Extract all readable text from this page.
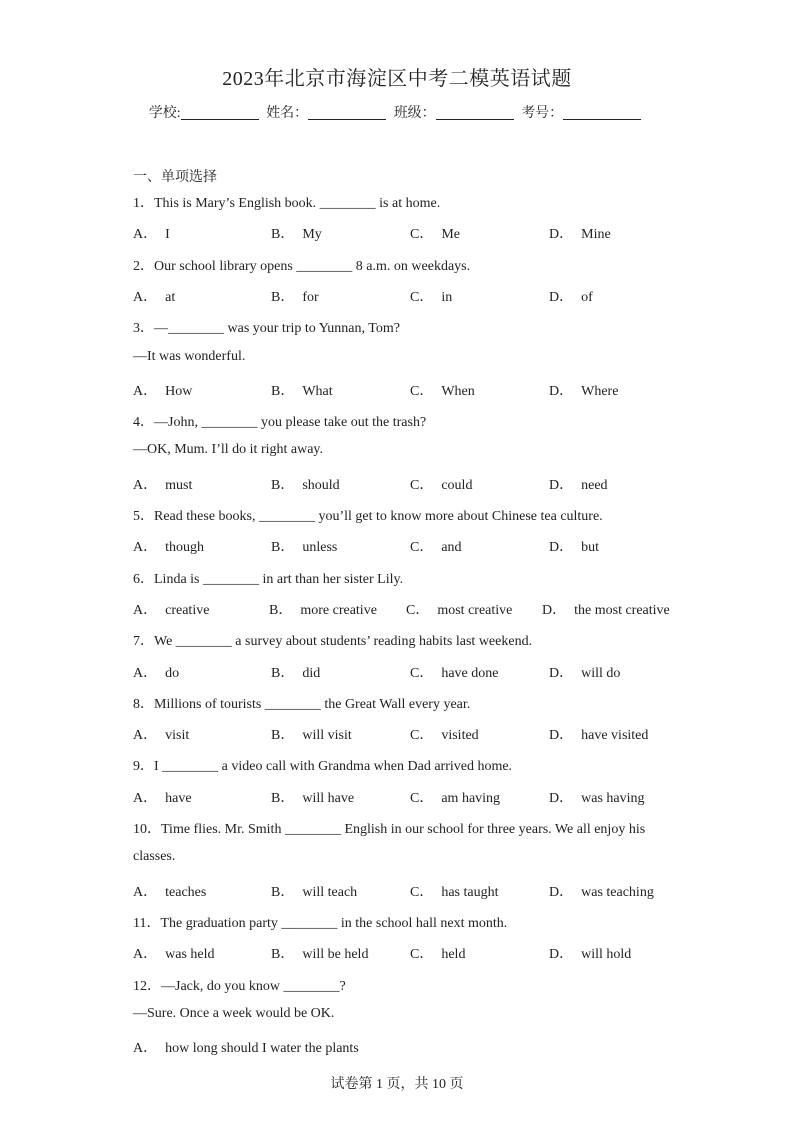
2023年北京市海淀区中考二模英语试题
学校:	姓名：	班级：	考号：
一、单项选择
1．This is Mary’s English book. ________ is at home.
A． I	B． My	C． Me	D． Mine
2．Our school library opens ________ 8 a.m. on weekdays.
A． at	B． for	C． in	D． of
3．—________ was your trip to Yunnan, Tom?
—It was wonderful.
A． How	B． What	C． When	D． Where
4．—John, ________ you please take out the trash?
—OK, Mum. I’ll do it right away.
A． must	B． should	C． could	D． need
5．Read these books, ________ you’ll get to know more about Chinese tea culture.
A． though	B． unless	C． and	D． but
6．Linda is ________ in art than her sister Lily.
A． creative	B． more creative C． most creative D． the most creative
7．We ________ a survey about students’ reading habits last weekend.
A． do	B． did	C． have done	D． will do
8．Millions of tourists ________ the Great Wall every year.
A． visit	B． will visit	C． visited	D． have visited
9．I ________ a video call with Grandma when Dad arrived home.
A． have	B． will have	C． am having	D． was having
10．Time flies. Mr. Smith ________ English in our school for three years. We all enjoy his
classes.
A． teaches	B． will teach	C． has taught	D． was teaching
11．The graduation party ________ in the school hall next month.
A． was held	B． will be held	C． held	D． will hold
12．—Jack, do you know ________?
—Sure. Once a week would be OK.
A． how long should I water the plants
试卷第 1 页，共 10 页
